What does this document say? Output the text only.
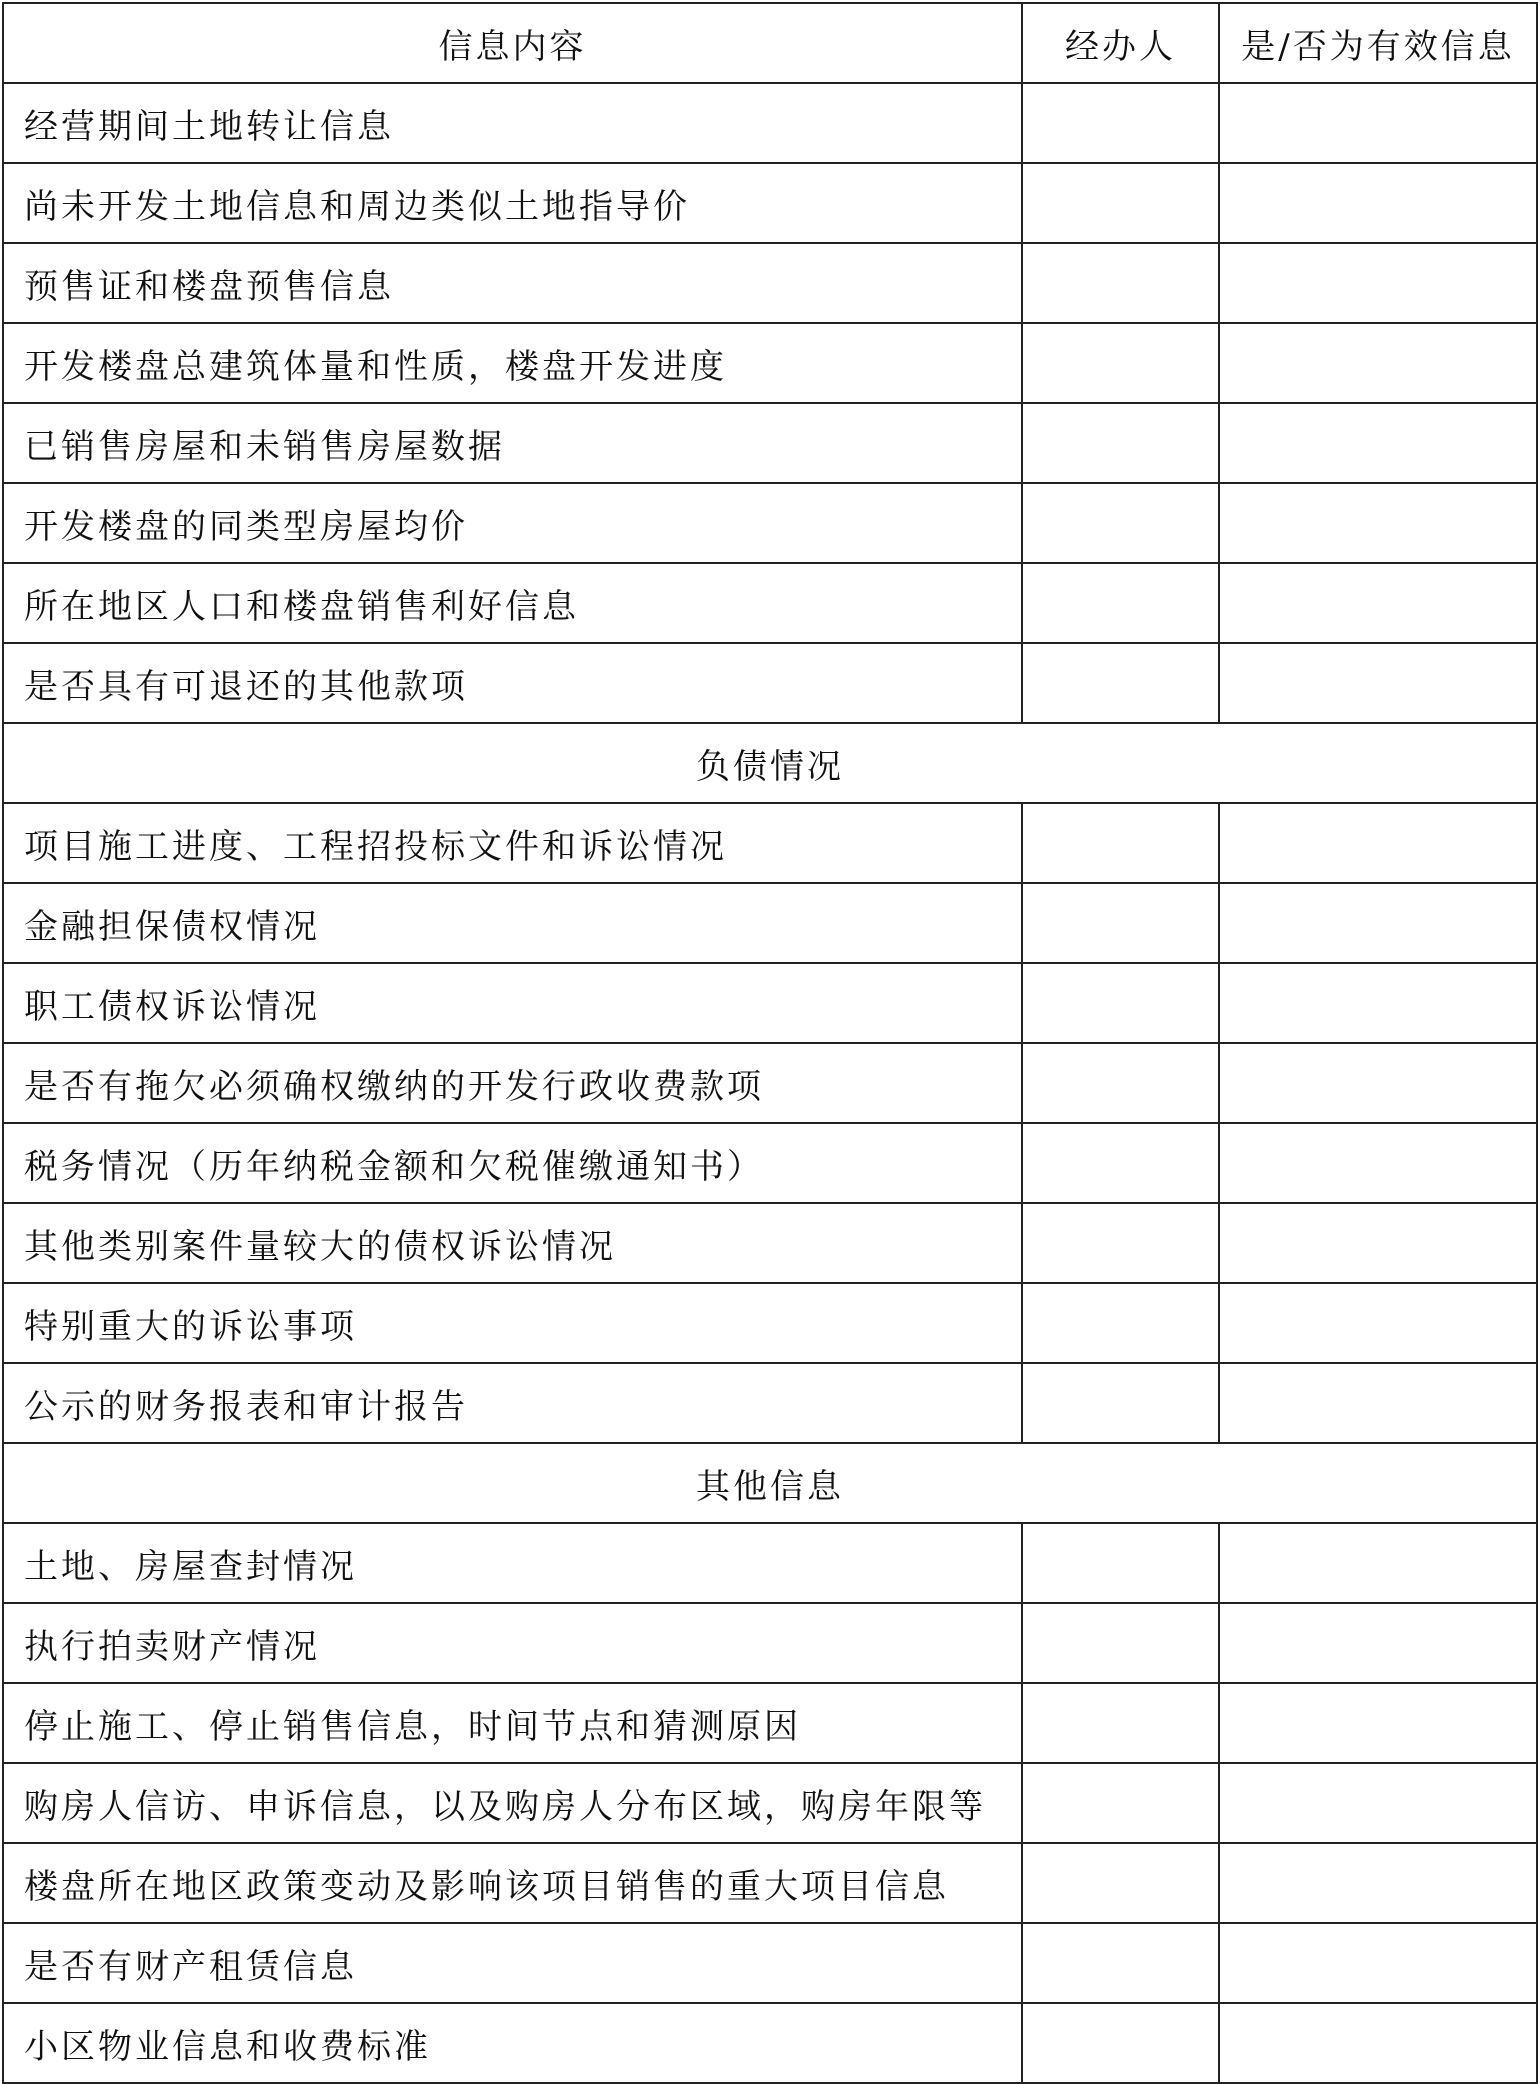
信息内容	经办人	是/否为有效信息
经营期间土地转让信息		
尚未开发土地信息和周边类似土地指导价		
预售证和楼盘预售信息		
开发楼盘总建筑体量和性质，楼盘开发进度		
已销售房屋和未销售房屋数据		
开发楼盘的同类型房屋均价		
所在地区人口和楼盘销售利好信息		
是否具有可退还的其他款项		
负债情况		
项目施工进度、工程招投标文件和诉讼情况		
金融担保债权情况		
职工债权诉讼情况		
是否有拖欠必须确权缴纳的开发行政收费款项		
税务情况（历年纳税金额和欠税催缴通知书）		
其他类别案件量较大的债权诉讼情况		
特别重大的诉讼事项		
公示的财务报表和审计报告		
其他信息		
土地、房屋查封情况		
执行拍卖财产情况		
停止施工、停止销售信息，时间节点和猜测原因		
购房人信访、申诉信息，以及购房人分布区域，购房年限等		
楼盘所在地区政策变动及影响该项目销售的重大项目信息		
是否有财产租赁信息		
小区物业信息和收费标准		
